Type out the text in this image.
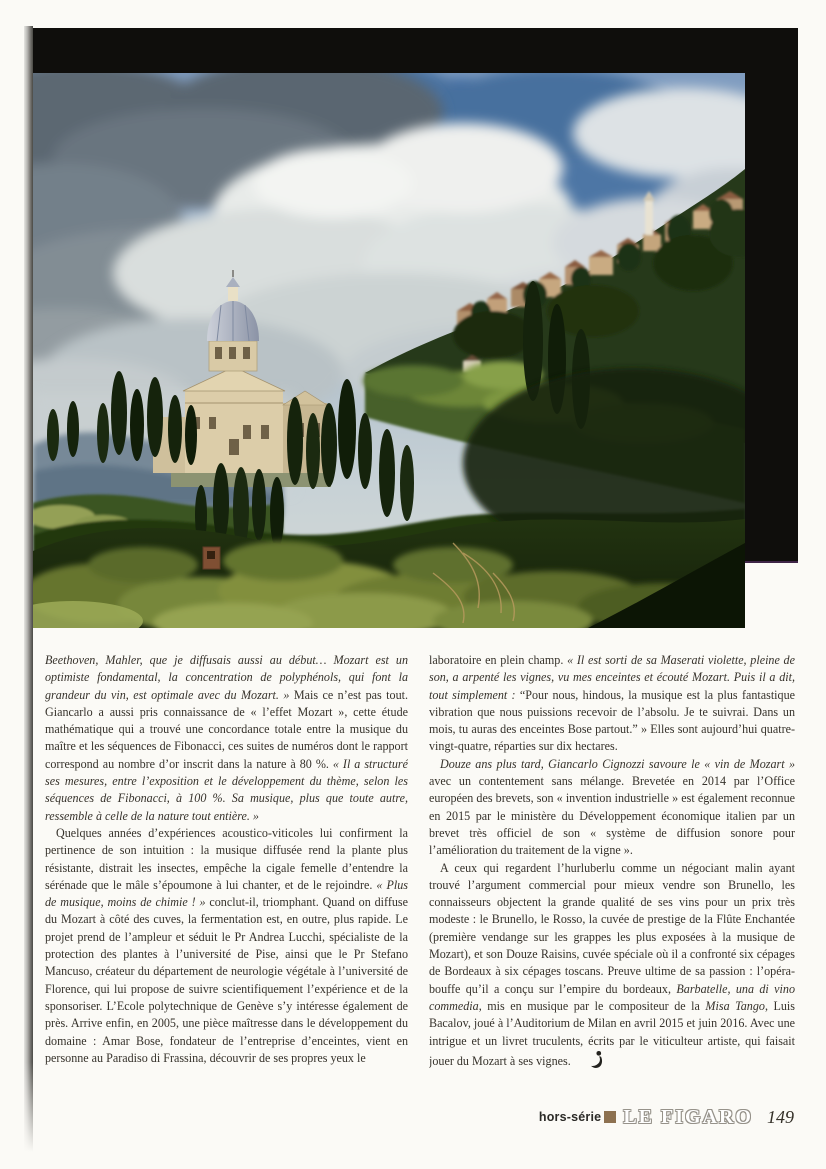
Beethoven, Mahler, que je diffusais aussi au début… Mozart est un optimiste fondamental, la concentration de polyphénols, qui font la grandeur du vin, est optimale avec du Mozart. » Mais ce n’est pas tout. Giancarlo a aussi pris connaissance de « l’effet Mozart », cette étude mathématique qui a trouvé une concordance totale entre la musique du maître et les séquences de Fibonacci, ces suites de numéros dont le rapport correspond au nombre d’or inscrit dans la nature à 80 %. « Il a structuré ses mesures, entre l’exposition et le développement du thème, selon les séquences de Fibonacci, à 100 %. Sa musique, plus que toute autre, ressemble à celle de la nature tout entière. »

Quelques années d’expériences acoustico-viticoles lui confirment la pertinence de son intuition : la musique diffusée rend la plante plus résistante, distrait les insectes, empêche la cigale femelle d’entendre la sérénade que le mâle s’époumone à lui chanter, et de le rejoindre. « Plus de musique, moins de chimie ! » conclut-il, triomphant. Quand on diffuse du Mozart à côté des cuves, la fermentation est, en outre, plus rapide. Le projet prend de l’ampleur et séduit le Pr Andrea Lucchi, spécialiste de la protection des plantes à l’université de Pise, ainsi que le Pr Stefano Mancuso, créateur du département de neurologie végétale à l’université de Florence, qui lui propose de suivre scientifiquement l’expérience et de la sponsoriser. L’Ecole polytechnique de Genève s’y intéresse également de près. Arrive enfin, en 2005, une pièce maîtresse dans le développement du domaine : Amar Bose, fondateur de l’entreprise d’enceintes, vient en personne au Paradiso di Frassina, découvrir de ses propres yeux le

laboratoire en plein champ. « Il est sorti de sa Maserati violette, pleine de son, a arpenté les vignes, vu mes enceintes et écouté Mozart. Puis il a dit, tout simplement : “Pour nous, hindous, la musique est la plus fantastique vibration que nous puissions recevoir de l’absolu. Je te suivrai. Dans un mois, tu auras des enceintes Bose partout.” » Elles sont aujourd’hui quatre-vingt-quatre, réparties sur dix hectares.

Douze ans plus tard, Giancarlo Cignozzi savoure le « vin de Mozart » avec un contentement sans mélange. Brevetée en 2014 par l’Office européen des brevets, son « invention industrielle » est également reconnue en 2015 par le ministère du Développement économique italien par un brevet très officiel de son « système de diffusion sonore pour l’amélioration du traitement de la vigne ».

A ceux qui regardent l’hurluberlu comme un négociant malin ayant trouvé l’argument commercial pour mieux vendre son Brunello, les connaisseurs objectent la grande qualité de ses vins pour un prix très modeste : le Brunello, le Rosso, la cuvée de prestige de la Flûte Enchantée (première vendange sur les grappes les plus exposées à la musique de Mozart), et son Douze Raisins, cuvée spéciale où il a confronté six cépages de Bordeaux à six cépages toscans. Preuve ultime de sa passion : l’opéra-bouffe qu’il a conçu sur l’empire du bordeaux, Barbatelle, una di vino commedia, mis en musique par le compositeur de la Misa Tango, Luis Bacalov, joué à l’Auditorium de Milan en avril 2015 et juin 2016. Avec une intrigue et un livret truculents, écrits par le viticulteur artiste, qui faisait jouer du Mozart à ses vignes.

hors-série LE FIGARO 149
